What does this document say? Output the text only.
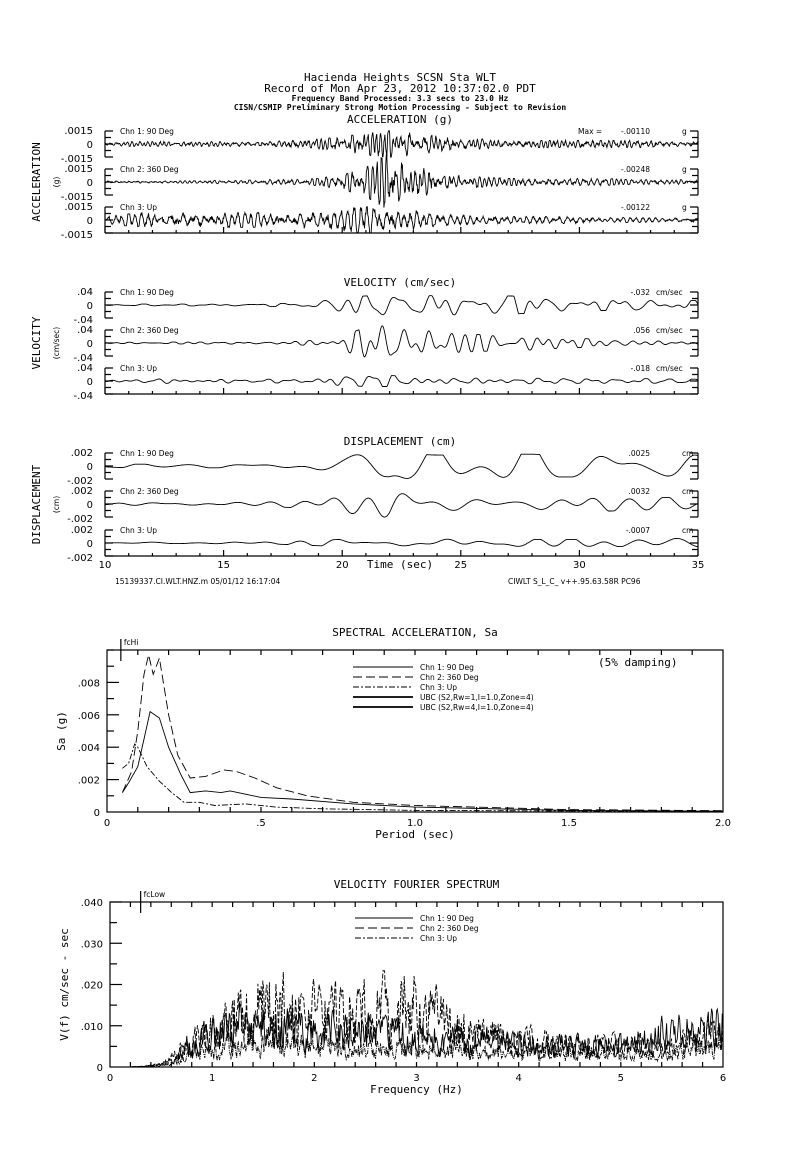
Hacienda Heights SCSN Sta WLT
Record of Mon Apr 23, 2012 10:37:02.0 PDT
Frequency Band Processed: 3.3 secs to 23.0 Hz
CISN/CSMIP Preliminary Strong Motion Processing - Subject to Revision
15139337.CI.WLT.HNZ.m 05/01/12 16:17:04	CIWLT S_L_C_ v++.95.63.58R PC96
ACCELERATION (g)
ACCELERATION (g)
.0015
0
-.0015
Chn 1: 90 Deg	Max =	-.00110	g
.0015
0
-.0015
Chn 2: 360 Deg	-.00248	g
.0015
0
-.0015
Chn 3: Up	-.00122	g
VELOCITY (cm/sec)
VELOCITY (cm/sec)
.04
0
-.04
Chn 1: 90 Deg	-.032 cm/sec
.04
0
-.04
Chn 2: 360 Deg	.056 cm/sec
.04
0
-.04
Chn 3: Up	-.018 cm/sec
DISPLACEMENT (cm)
DISPLACEMENT (cm)
.002
0
-.002
Chn 1: 90 Deg	.0025	cm
.002
0
-.002
Chn 2: 360 Deg	.0032	cm
.002
0
-.002
Chn 3: Up	-.0007	cm
10	15	20	25	30	35
Time (sec)
SPECTRAL ACCELERATION, Sa
0
.002
.004
.006
.008
0	.5	1.0	1.5	2.0
Period (sec)
Sa (g)
fcHi
(5% damping)
Chn 1: 90 Deg
Chn 2: 360 Deg
Chn 3: Up
UBC (S2,Rw=1,I=1.0,Zone=4)
UBC (S2,Rw=4,I=1.0,Zone=4)
VELOCITY FOURIER SPECTRUM
0
.010
.020
.030
.040
0	1	2	3	4	5	6
Frequency (Hz)
V(f) cm/sec - sec
fcLow
Chn 1: 90 Deg
Chn 2: 360 Deg
Chn 3: Up
